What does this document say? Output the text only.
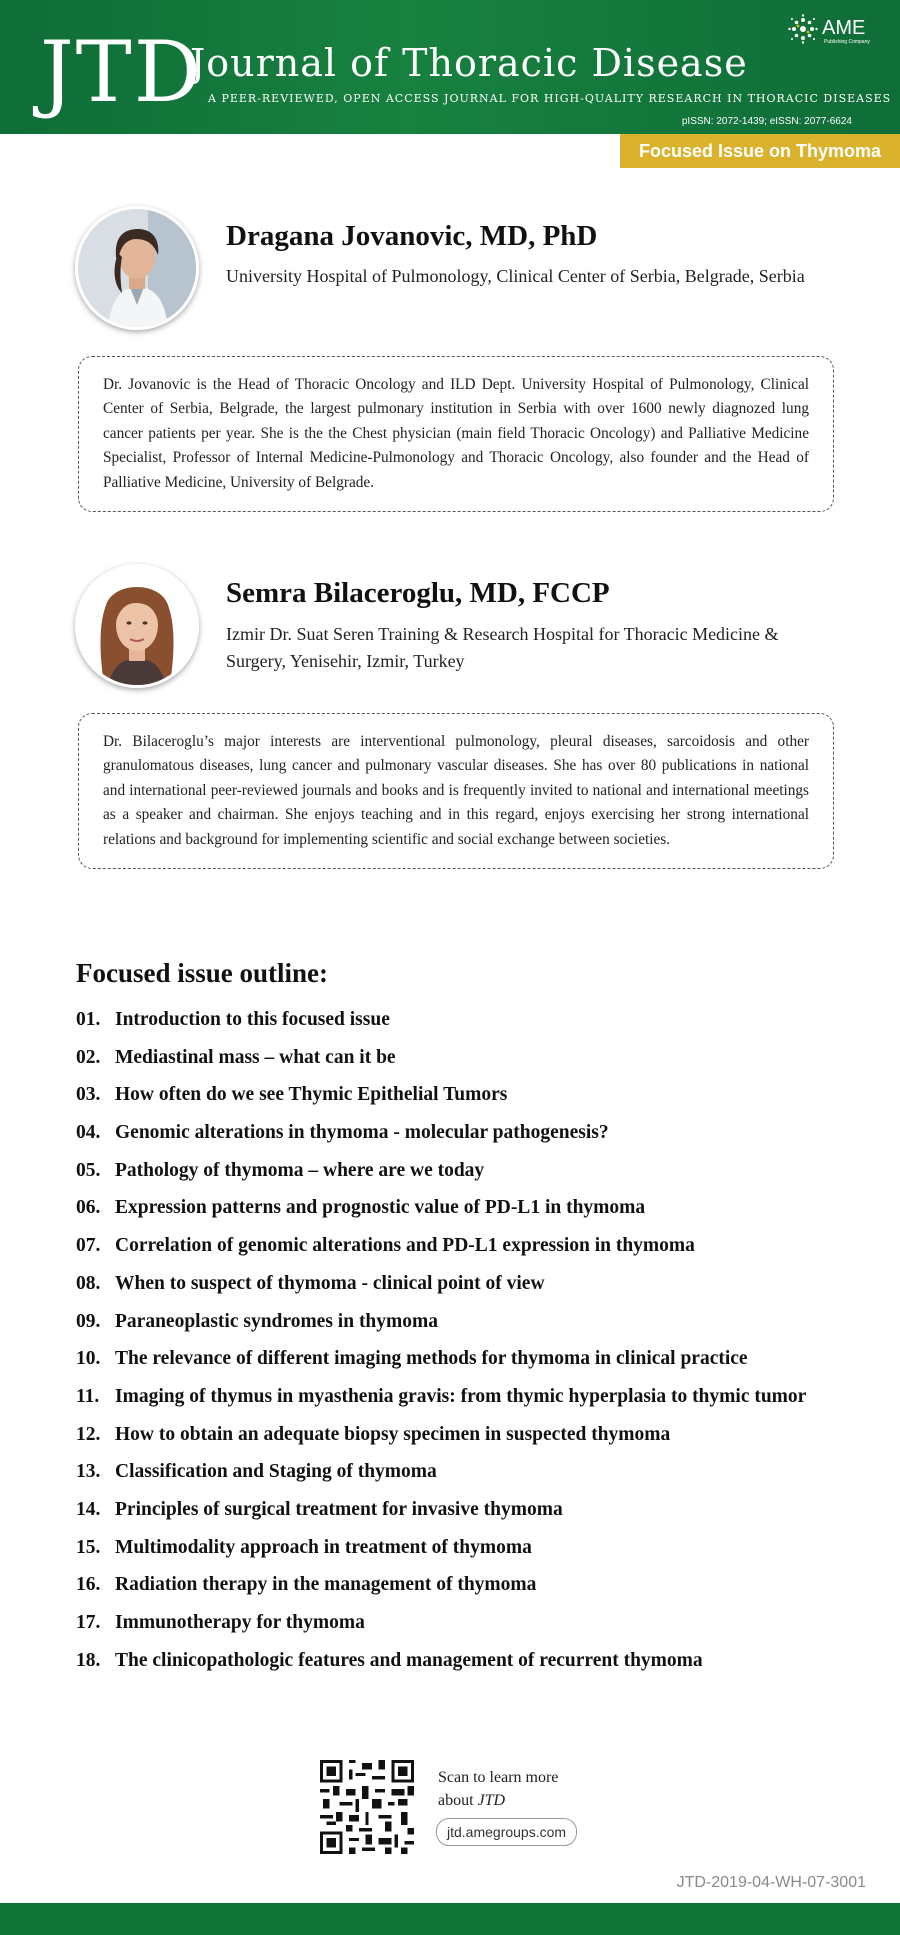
JTD
Journal of Thoracic Disease
A PEER-REVIEWED, OPEN ACCESS JOURNAL FOR HIGH-QUALITY RESEARCH IN THORACIC DISEASES
AME
Publishing Company
pISSN: 2072-1439; eISSN: 2077-6624
Focused Issue on Thymoma
Dragana Jovanovic, MD, PhD
University Hospital of Pulmonology, Clinical Center of Serbia, Belgrade, Serbia
Dr. Jovanovic is the Head of Thoracic Oncology and ILD Dept. University Hospital of Pulmonology, Clinical Center of Serbia, Belgrade, the largest pulmonary institution in Serbia with over 1600 newly diagnozed lung cancer patients per year. She is the the Chest physician (main field Thoracic Oncology) and Palliative Medicine Specialist, Professor of Internal Medicine-Pulmonology and Thoracic Oncology, also founder and the Head of Palliative Medicine, University of Belgrade.
Semra Bilaceroglu, MD, FCCP
Izmir Dr. Suat Seren Training & Research Hospital for Thoracic Medicine & Surgery, Yenisehir, Izmir, Turkey
Dr. Bilaceroglu’s major interests are interventional pulmonology, pleural diseases, sarcoidosis and other granulomatous diseases, lung cancer and pulmonary vascular diseases. She has over 80 publications in national and international peer-reviewed journals and books and is frequently invited to national and international meetings as a speaker and chairman. She enjoys teaching and in this regard, enjoys exercising her strong international relations and background for implementing scientific and social exchange between societies.
Focused issue outline:
01. Introduction to this focused issue
02. Mediastinal mass – what can it be
03. How often do we see Thymic Epithelial Tumors
04. Genomic alterations in thymoma - molecular pathogenesis?
05. Pathology of thymoma – where are we today
06. Expression patterns and prognostic value of PD-L1 in thymoma
07. Correlation of genomic alterations and PD-L1 expression in thymoma
08. When to suspect of thymoma - clinical point of view
09. Paraneoplastic syndromes in thymoma
10. The relevance of different imaging methods for thymoma in clinical practice
11. Imaging of thymus in myasthenia gravis: from thymic hyperplasia to thymic tumor
12. How to obtain an adequate biopsy specimen in suspected thymoma
13. Classification and Staging of thymoma
14. Principles of surgical treatment for invasive thymoma
15. Multimodality approach in treatment of thymoma
16. Radiation therapy in the management of thymoma
17. Immunotherapy for thymoma
18. The clinicopathologic features and management of recurrent thymoma
Scan to learn more
about JTD
jtd.amegroups.com
JTD-2019-04-WH-07-3001
